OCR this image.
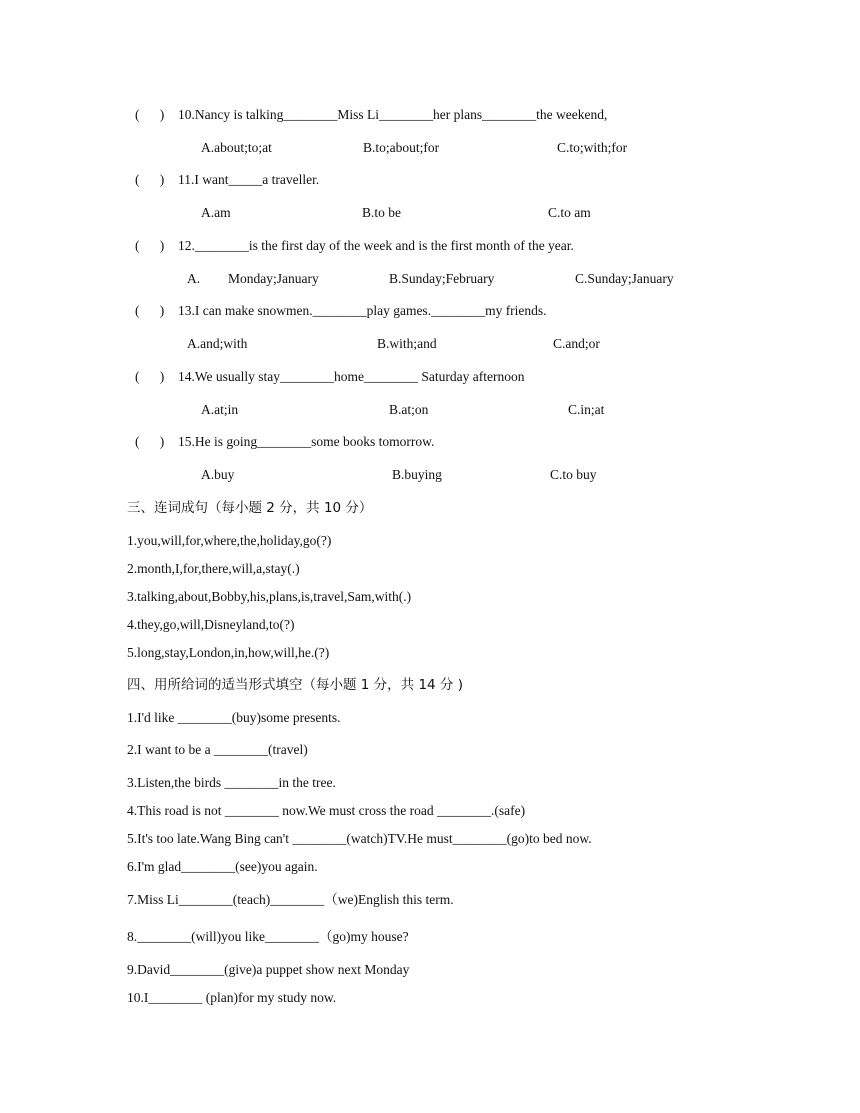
(      ) 10.Nancy is talking________Miss Li________her plans________the weekend,
A.about;to;at	B.to;about;for	C.to;with;for
(      ) 11.I want_____a traveller.
A.am	B.to be	C.to am
(      ) 12.________is the first day of the week and is the first month of the year.
A. Monday;January	B.Sunday;February	C.Sunday;January
(      ) 13.I can make snowmen.________play games.________my friends.
A.and;with	B.with;and	C.and;or
(      ) 14.We usually stay________home________ Saturday afternoon
A.at;in	B.at;on	C.in;at
(      ) 15.He is going________some books tomorrow.
A.buy	B.buying	C.to buy
三、连词成句（每小题 2 分，共 10 分）
1.you,will,for,where,the,holiday,go(?)
2.month,I,for,there,will,a,stay(.)
3.talking,about,Bobby,his,plans,is,travel,Sam,with(.)
4.they,go,will,Disneyland,to(?)
5.long,stay,London,in,how,will,he.(?)
四、用所给词的适当形式填空（每小题 1 分，共 14 分 )
1.I'd like ________(buy)some presents.
2.I want to be a ________(travel)
3.Listen,the birds ________in the tree.
4.This road is not ________ now.We must cross the road ________.(safe)
5.It's too late.Wang Bing can't ________(watch)TV.He must________(go)to bed now.
6.I'm glad________(see)you again.
7.Miss Li________(teach)________（we)English this term.
8.________(will)you like________（go)my house?
9.David________(give)a puppet show next Monday
10.I________ (plan)for my study now.
